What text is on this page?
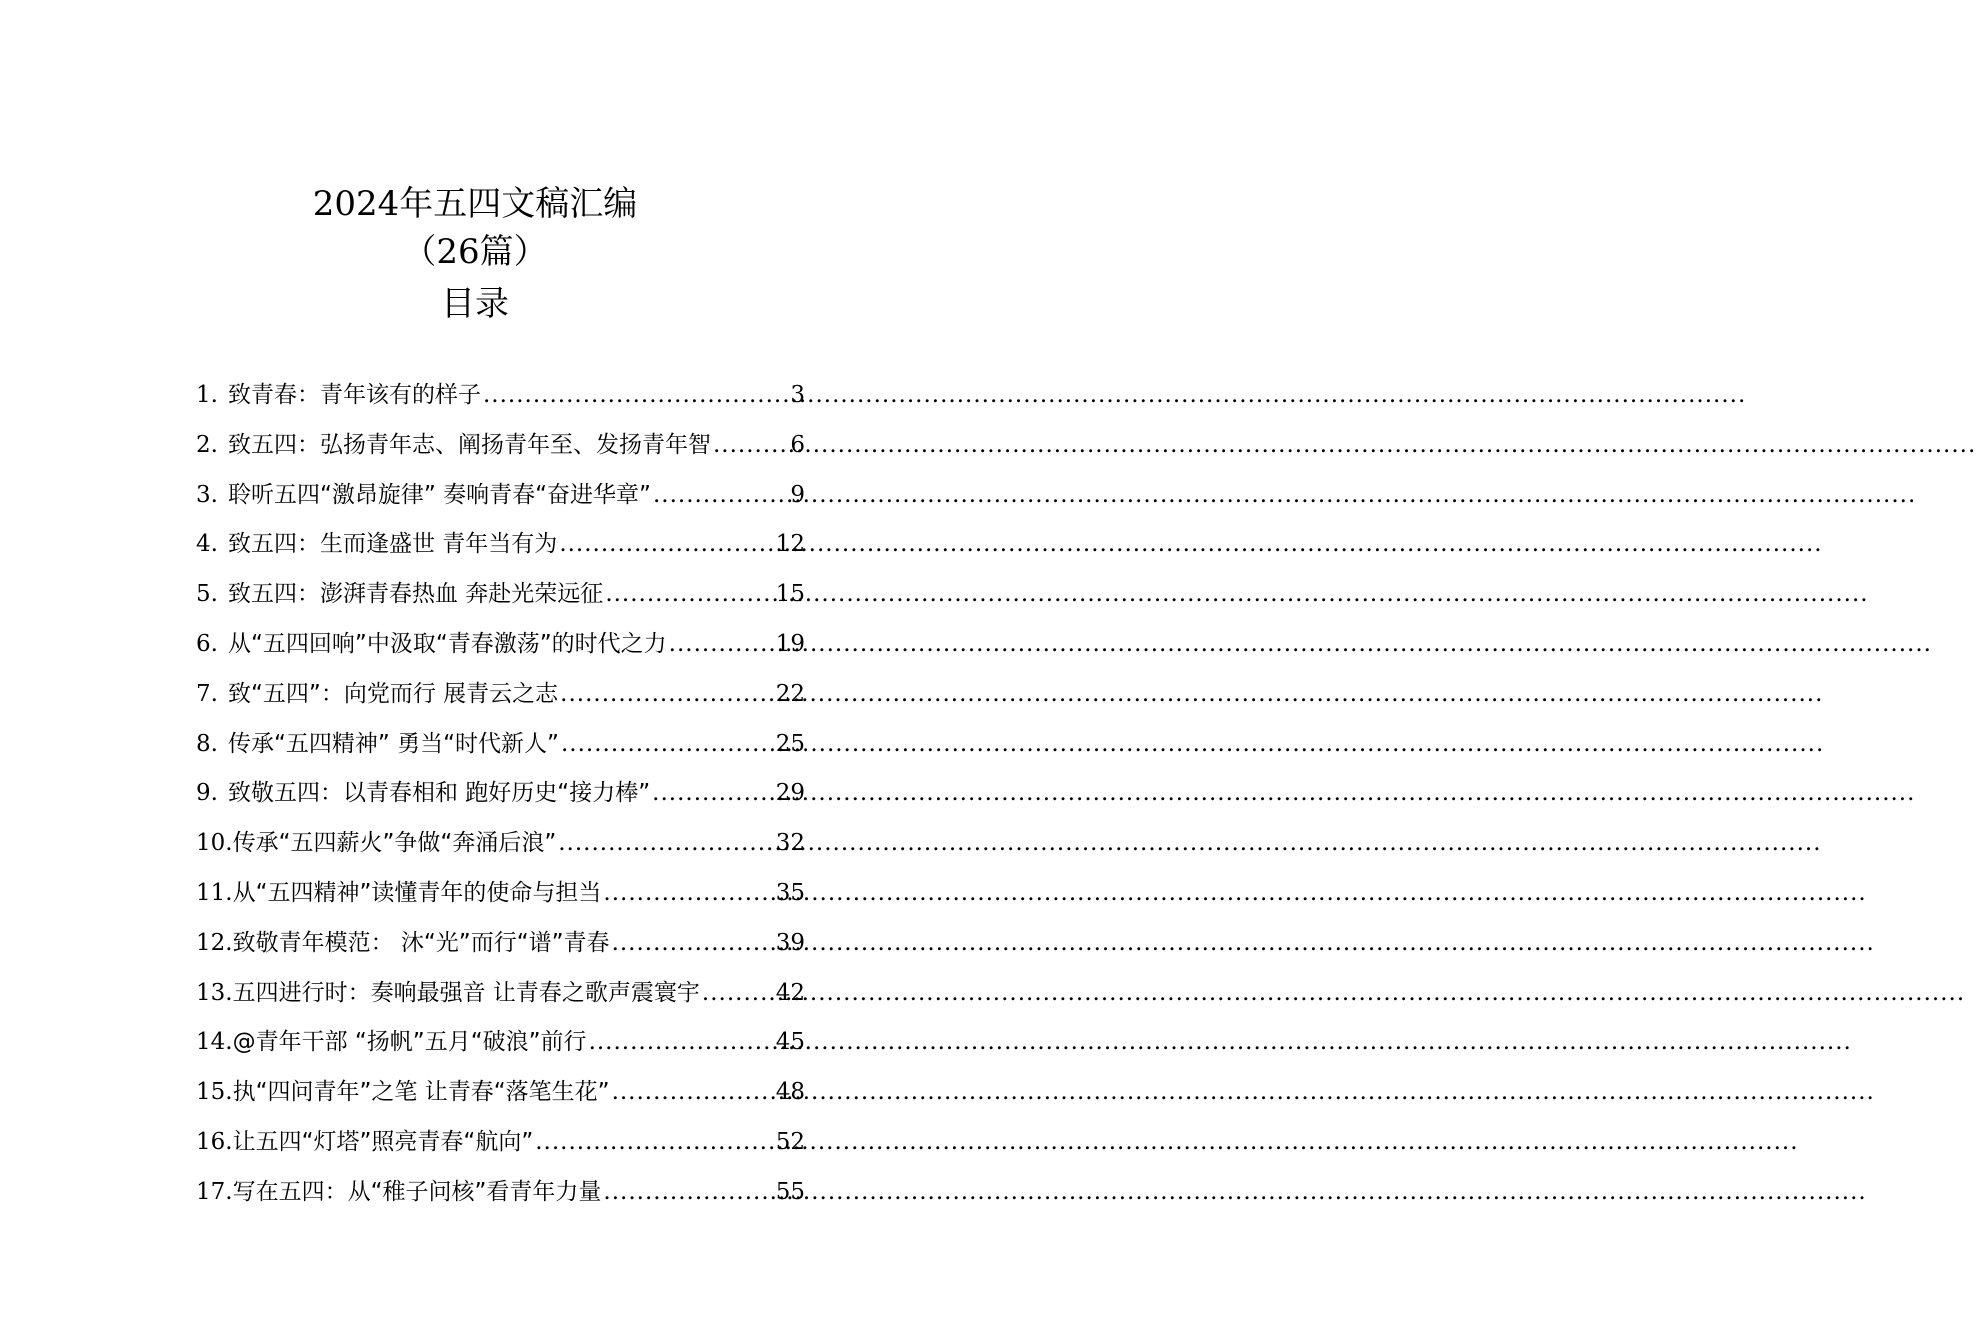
2024年五四文稿汇编
（26篇）
目录
1. 致青春：青年该有的样子 .....	3
2. 致五四：弘扬青年志、阐扬青年至、发扬青年智 .....	6
3. 聆听五四“激昂旋律” 奏响青春“奋进华章” .....	9
4. 致五四：生而逢盛世 青年当有为 .....	12
5. 致五四：澎湃青春热血 奔赴光荣远征 .....	15
6. 从“五四回响”中汲取“青春激荡”的时代之力 .....	19
7. 致“五四”：向党而行 展青云之志 .....	22
8. 传承“五四精神” 勇当“时代新人” .....	25
9. 致敬五四：以青春相和 跑好历史“接力棒” .....	29
10. 传承“五四薪火”争做“奔涌后浪” .....	32
11. 从“五四精神”读懂青年的使命与担当 .....	35
12. 致敬青年模范： 沐“光”而行“谱”青春 .....	39
13. 五四进行时：奏响最强音 让青春之歌声震寰宇 .....	42
14. @青年干部 “扬帆”五月“破浪”前行 .....	45
15. 执“四问青年”之笔 让青春“落笔生花” .....	48
16. 让五四“灯塔”照亮青春“航向” .....	52
17. 写在五四：从“稚子问核”看青年力量 .....	55
